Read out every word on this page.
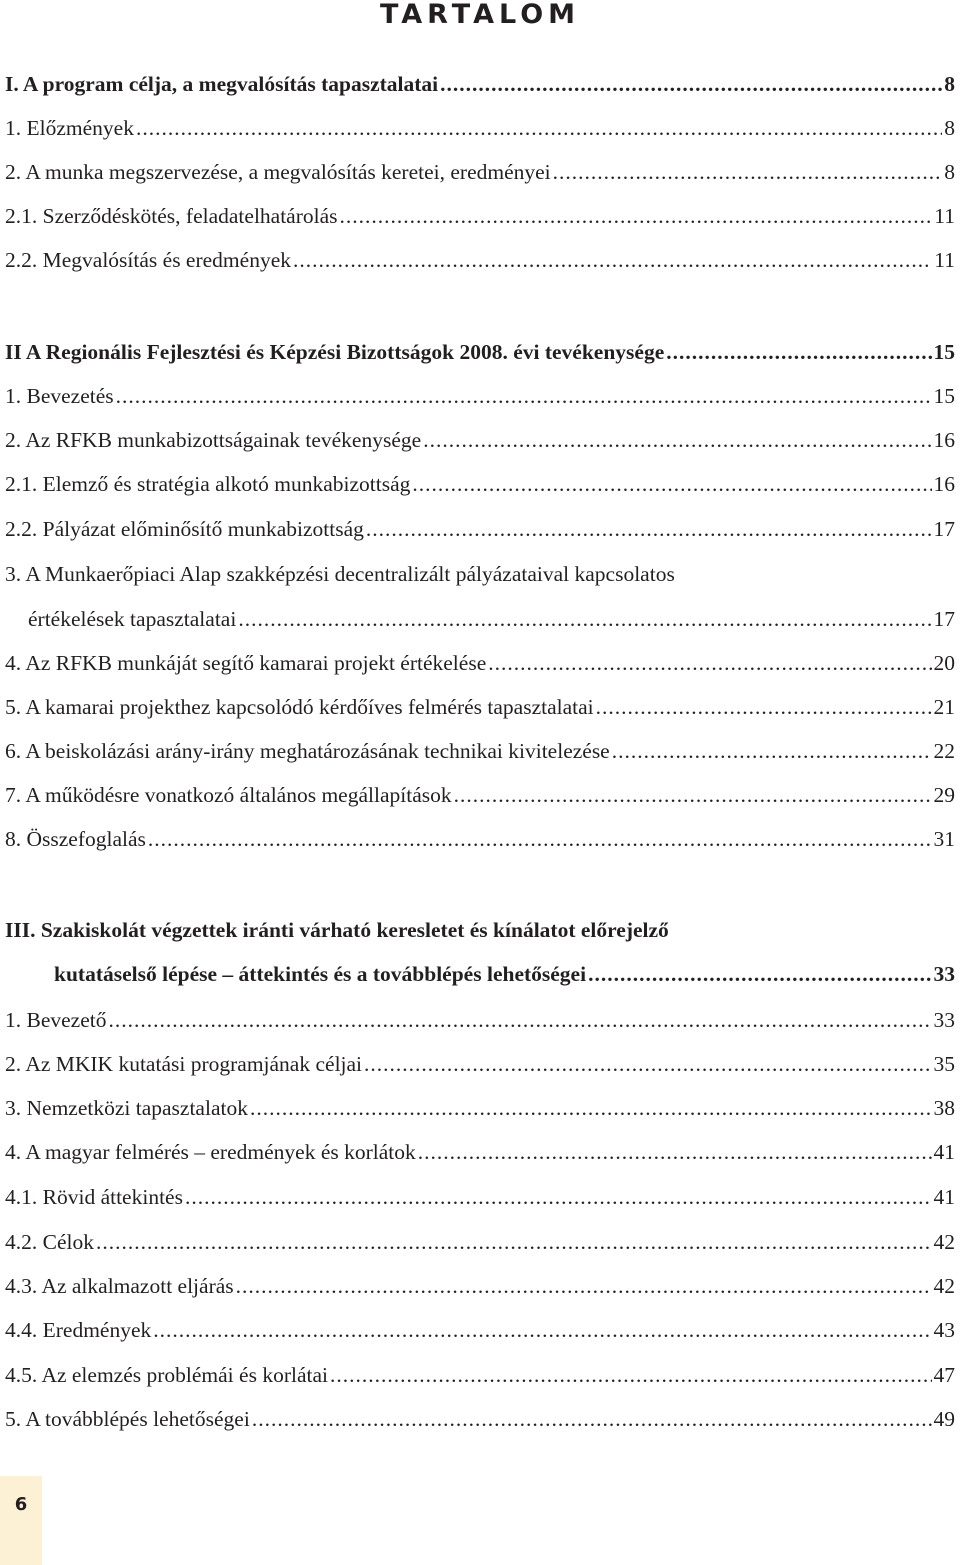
TARTALOM
I. A program célja, a megvalósítás tapasztalatai .....	8
1. Előzmények .....	8
2. A munka megszervezése, a megvalósítás keretei, eredményei .....	8
2.1. Szerződéskötés, feladatelhatárolás .....	11
2.2. Megvalósítás és eredmények .....	11
II A Regionális Fejlesztési és Képzési Bizottságok 2008. évi tevékenysége .....	15
1. Bevezetés .....	15
2. Az RFKB munkabizottságainak tevékenysége .....	16
2.1. Elemző és stratégia alkotó munkabizottság .....	16
2.2. Pályázat előminősítő munkabizottság .....	17
3. A Munkaerőpiaci Alap szakképzési decentralizált pályázataival kapcsolatos
értékelések tapasztalatai .....	17
4. Az RFKB munkáját segítő kamarai projekt értékelése .....	20
5. A kamarai projekthez kapcsolódó kérdőíves felmérés tapasztalatai .....	21
6. A beiskolázási arány-irány meghatározásának technikai kivitelezése .....	22
7. A működésre vonatkozó általános megállapítások .....	29
8. Összefoglalás .....	31
III. Szakiskolát végzettek iránti várható keresletet és kínálatot előrejelző
kutatáselső lépése – áttekintés és a továbblépés lehetőségei .....	33
1. Bevezető .....	33
2. Az MKIK kutatási programjának céljai .....	35
3. Nemzetközi tapasztalatok .....	38
4. A magyar felmérés – eredmények és korlátok .....	41
4.1. Rövid áttekintés .....	41
4.2. Célok .....	42
4.3. Az alkalmazott eljárás .....	42
4.4. Eredmények .....	43
4.5. Az elemzés problémái és korlátai .....	47
5. A továbblépés lehetőségei .....	49
6
